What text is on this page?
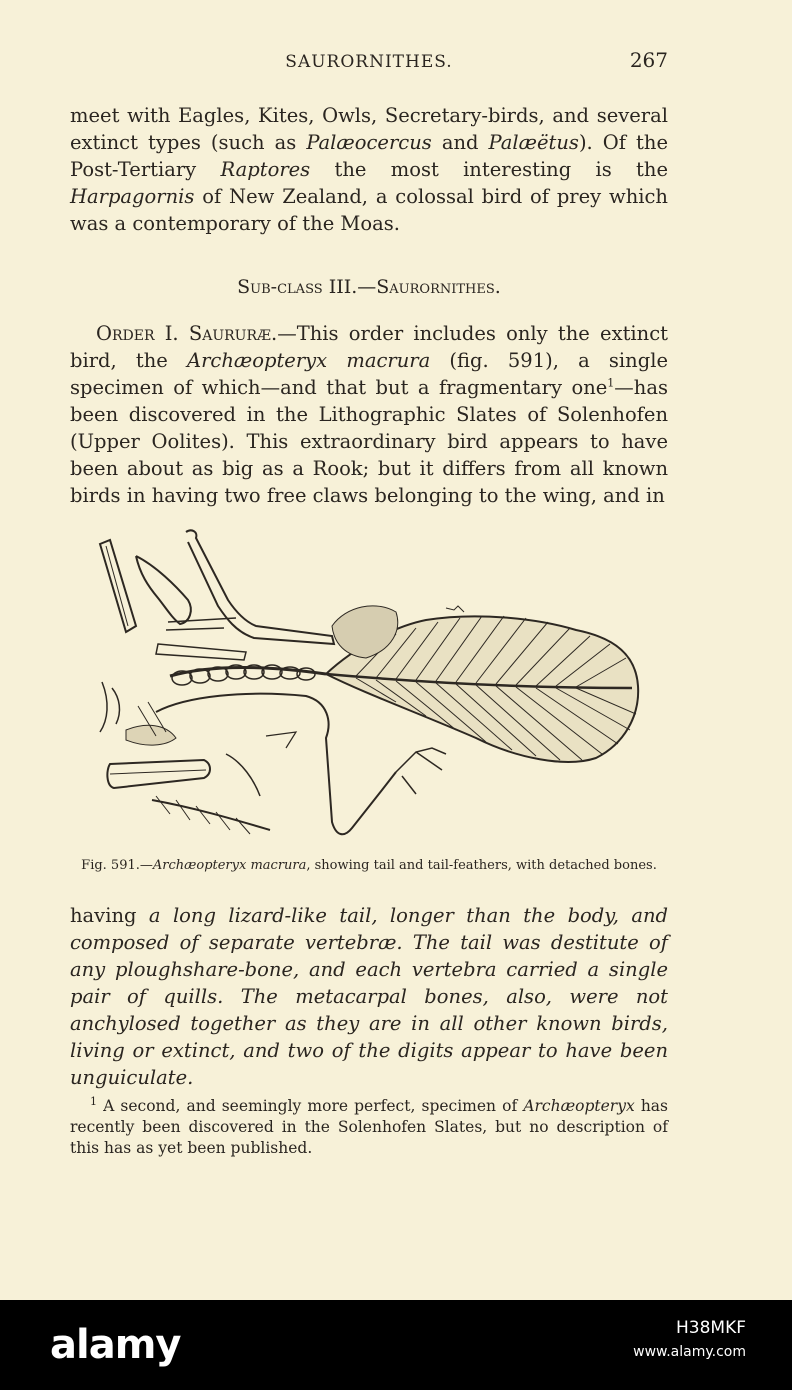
SAURORNITHES.	267
meet with Eagles, Kites, Owls, Secretary-birds, and several extinct types (such as Palæocercus and Palæëtus). Of the Post-Tertiary Raptores the most interesting is the Harpagornis of New Zealand, a colossal bird of prey which was a contemporary of the Moas.
Sub-class III.—Saurornithes.
Order I. Saururæ.—This order includes only the extinct bird, the Archæopteryx macrura (fig. 591), a single specimen of which—and that but a fragmentary one$^1$—has been discovered in the Lithographic Slates of Solenhofen (Upper Oolites). This extraordinary bird appears to have been about as big as a Rook; but it differs from all known birds in having two free claws belonging to the wing, and in
Fig. 591.—Archæopteryx macrura, showing tail and tail-feathers, with detached bones.
having a long lizard-like tail, longer than the body, and composed of separate vertebræ. The tail was destitute of any ploughshare-bone, and each vertebra carried a single pair of quills. The metacarpal bones, also, were not anchylosed together as they are in all other known birds, living or extinct, and two of the digits appear to have been unguiculate.
$^1$ A second, and seemingly more perfect, specimen of Archæopteryx has recently been discovered in the Solenhofen Slates, but no description of this has as yet been published.
alamy	H38MKF
www.alamy.com
